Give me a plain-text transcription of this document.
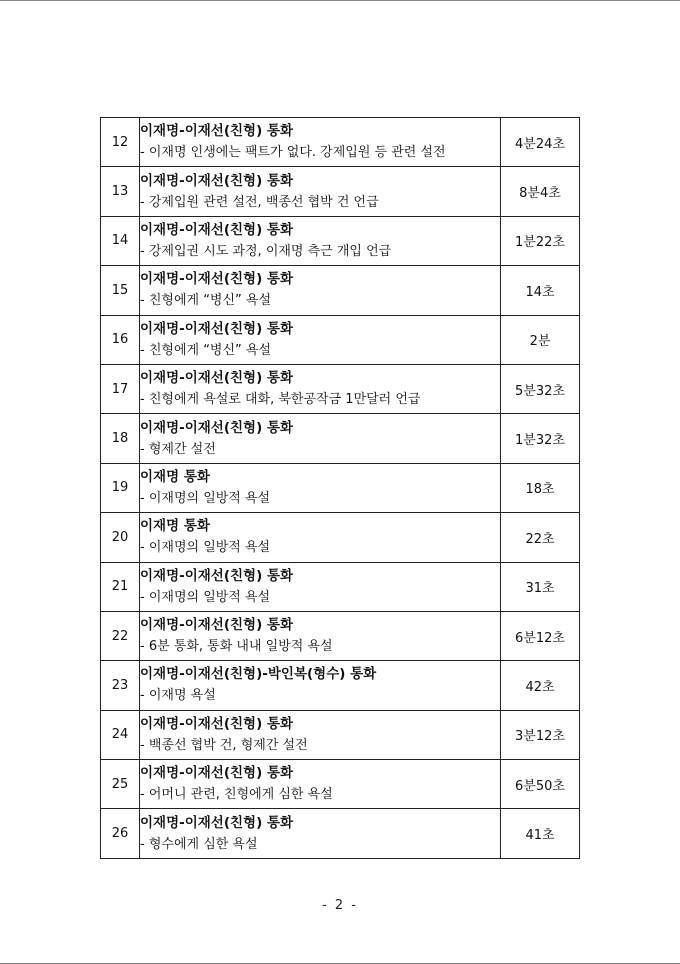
12	이재명-이재선(친형) 통화
- 이재명 인생에는 팩트가 없다. 강제입원 등 관련 설전	4분24초
13	이재명-이재선(친형) 통화
- 강제입원 관련 설전, 백종선 협박 건 언급	8분4초
14	이재명-이재선(친형) 통화
- 강제입권 시도 과정, 이재명 측근 개입 언급	1분22초
15	이재명-이재선(친형) 통화
- 친형에게 “병신” 욕설	14초
16	이재명-이재선(친형) 통화
- 친형에게 “병신” 욕설	2분
17	이재명-이재선(친형) 통화
- 친형에게 욕설로 대화, 북한공작금 1만달러 언급	5분32초
18	이재명-이재선(친형) 통화
- 형제간 설전	1분32초
19	이재명 통화
- 이재명의 일방적 욕설	18초
20	이재명 통화
- 이재명의 일방적 욕설	22초
21	이재명-이재선(친형) 통화
- 이재명의 일방적 욕설	31초
22	이재명-이재선(친형) 통화
- 6분 통화, 통화 내내 일방적 욕설	6분12초
23	이재명-이재선(친형)-박인복(형수) 통화
- 이재명 욕설	42초
24	이재명-이재선(친형) 통화
- 백종선 협박 건, 형제간 설전	3분12초
25	이재명-이재선(친형) 통화
- 어머니 관련, 친형에게 심한 욕설	6분50초
26	이재명-이재선(친형) 통화
- 형수에게 심한 욕설	41초
- 2 -
